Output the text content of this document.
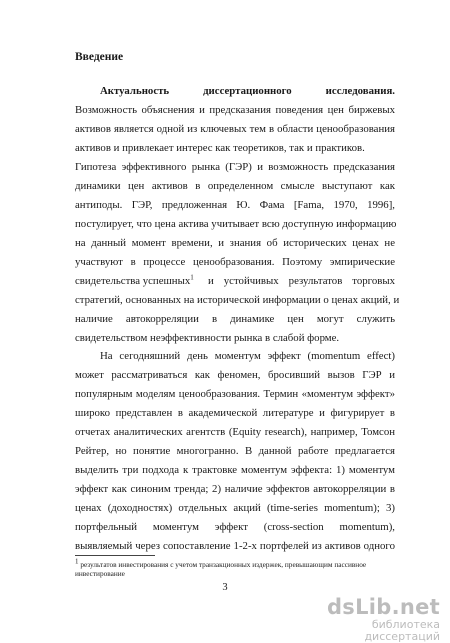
Введение
Актуальность диссертационного исследования.
Возможность объяснения и предсказания поведения цен биржевых
активов является одной из ключевых тем в области ценообразования
активов и привлекает интерес как теоретиков, так и практиков.
Гипотеза эффективного рынка (ГЭР) и возможность предсказания
динамики цен активов в определенном смысле выступают как
антиподы. ГЭР, предложенная Ю. Фама [Fama, 1970, 1996],
постулирует, что цена актива учитывает всю доступную информацию
на данный момент времени, и знания об исторических ценах не
участвуют в процессе ценообразования. Поэтому эмпирические
свидетельства успешных$^1$ и устойчивых результатов торговых
стратегий, основанных на исторической информации о ценах акций, и
наличие автокорреляции в динамике цен могут служить
свидетельством неэффективности рынка в слабой форме.
На сегодняшний день моментум эффект (momentum effect)
может рассматриваться как феномен, бросивший вызов ГЭР и
популярным моделям ценообразования. Термин «моментум эффект»
широко представлен в академической литературе и фигурирует в
отчетах аналитических агентств (Equity research), например, Томсон
Рейтер, но понятие многогранно. В данной работе предлагается
выделить три подхода к трактовке моментум эффекта: 1) моментум
эффект как синоним тренда; 2) наличие эффектов автокорреляции в
ценах (доходностях) отдельных акций (time-series momentum); 3)
портфельный моментум эффект (cross-section momentum),
выявляемый через сопоставление 1-2-х портфелей из активов одного
$^1$ результатов инвестирования с учетом транзакционных издержек, превышающим пассивное
инвестирование
3
dsLib.net
библиотека диссертаций
